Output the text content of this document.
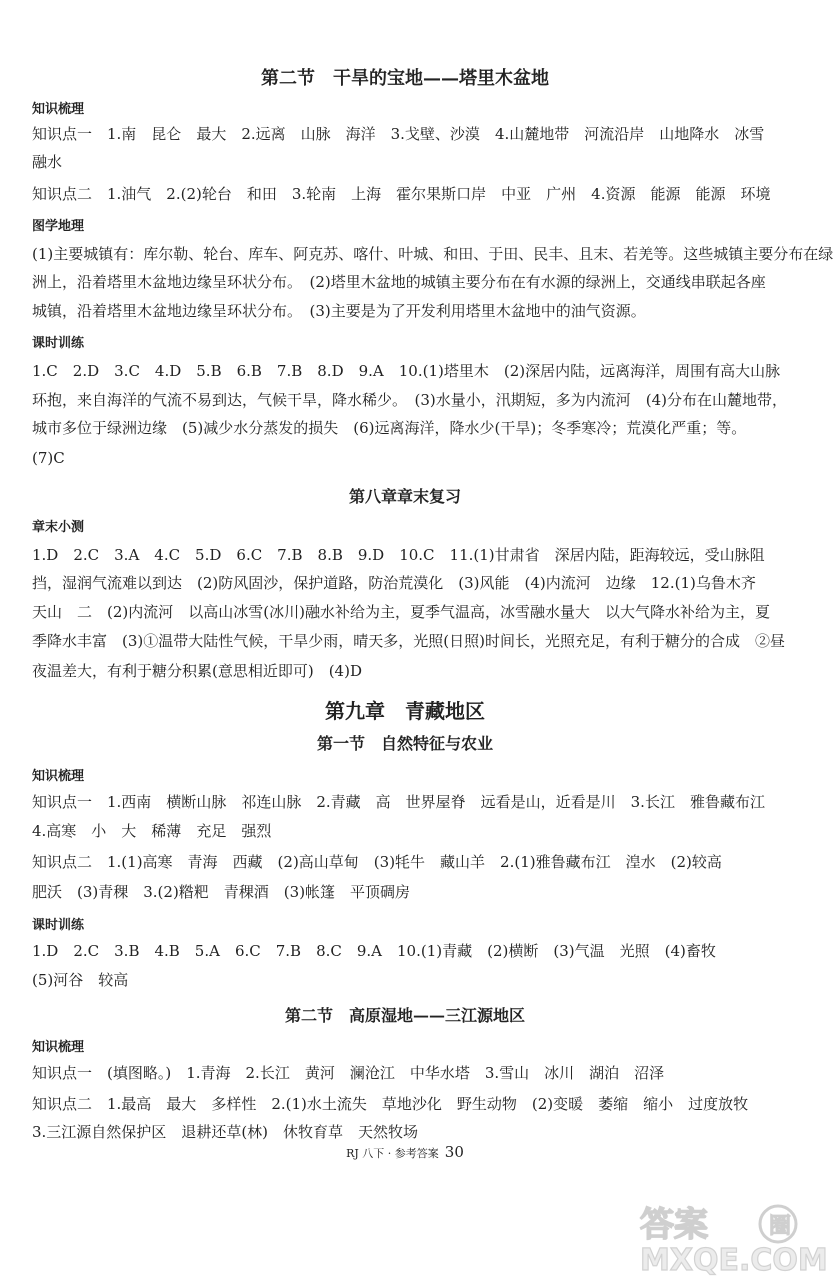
第二节　干旱的宝地——塔里木盆地
知识梳理
知识点一　1.南　昆仑　最大　2.远离　山脉　海洋　3.戈壁、沙漠　4.山麓地带　河流沿岸　山地降水　冰雪
融水
知识点二　1.油气　2.(2)轮台　和田　3.轮南　上海　霍尔果斯口岸　中亚　广州　4.资源　能源　能源　环境
图学地理
(1)主要城镇有：库尔勒、轮台、库车、阿克苏、喀什、叶城、和田、于田、民丰、且末、若羌等。这些城镇主要分布在绿
洲上，沿着塔里木盆地边缘呈环状分布。　(2)塔里木盆地的城镇主要分布在有水源的绿洲上，交通线串联起各座
城镇，沿着塔里木盆地边缘呈环状分布。　(3)主要是为了开发利用塔里木盆地中的油气资源。
课时训练
1.C　2.D　3.C　4.D　5.B　6.B　7.B　8.D　9.A　10.(1)塔里木　(2)深居内陆，远离海洋，周围有高大山脉
环抱，来自海洋的气流不易到达，气候干旱，降水稀少。　(3)水量小，汛期短，多为内流河　(4)分布在山麓地带，
城市多位于绿洲边缘　(5)减少水分蒸发的损失　(6)远离海洋，降水少(干旱)；冬季寒冷；荒漠化严重；等。
(7)C
第八章章末复习
章末小测
1.D　2.C　3.A　4.C　5.D　6.C　7.B　8.B　9.D　10.C　11.(1)甘肃省　深居内陆，距海较远，受山脉阻
挡，湿润气流难以到达　(2)防风固沙，保护道路，防治荒漠化　(3)风能　(4)内流河　边缘　12.(1)乌鲁木齐
天山　二　(2)内流河　以高山冰雪(冰川)融水补给为主，夏季气温高，冰雪融水量大　以大气降水补给为主，夏
季降水丰富　(3)①温带大陆性气候，干旱少雨，晴天多，光照(日照)时间长，光照充足，有利于糖分的合成　②昼
夜温差大，有利于糖分积累(意思相近即可)　(4)D
第九章　青藏地区
第一节　自然特征与农业
知识梳理
知识点一　1.西南　横断山脉　祁连山脉　2.青藏　高　世界屋脊　远看是山，近看是川　3.长江　雅鲁藏布江
4.高寒　小　大　稀薄　充足　强烈
知识点二　1.(1)高寒　青海　西藏　(2)高山草甸　(3)牦牛　藏山羊　2.(1)雅鲁藏布江　湟水　(2)较高
肥沃　(3)青稞　3.(2)糌粑　青稞酒　(3)帐篷　平顶碉房
课时训练
1.D　2.C　3.B　4.B　5.A　6.C　7.B　8.C　9.A　10.(1)青藏　(2)横断　(3)气温　光照　(4)畜牧
(5)河谷　较高
第二节　高原湿地——三江源地区
知识梳理
知识点一　(填图略。)　1.青海　2.长江　黄河　澜沧江　中华水塔　3.雪山　冰川　湖泊　沼泽
知识点二　1.最高　最大　多样性　2.(1)水土流失　草地沙化　野生动物　(2)变暖　萎缩　缩小　过度放牧
3.三江源自然保护区　退耕还草(林)　休牧育草　天然牧场
RJ 八下 · 参考答案 30
答案	圈
MXQE.COM
